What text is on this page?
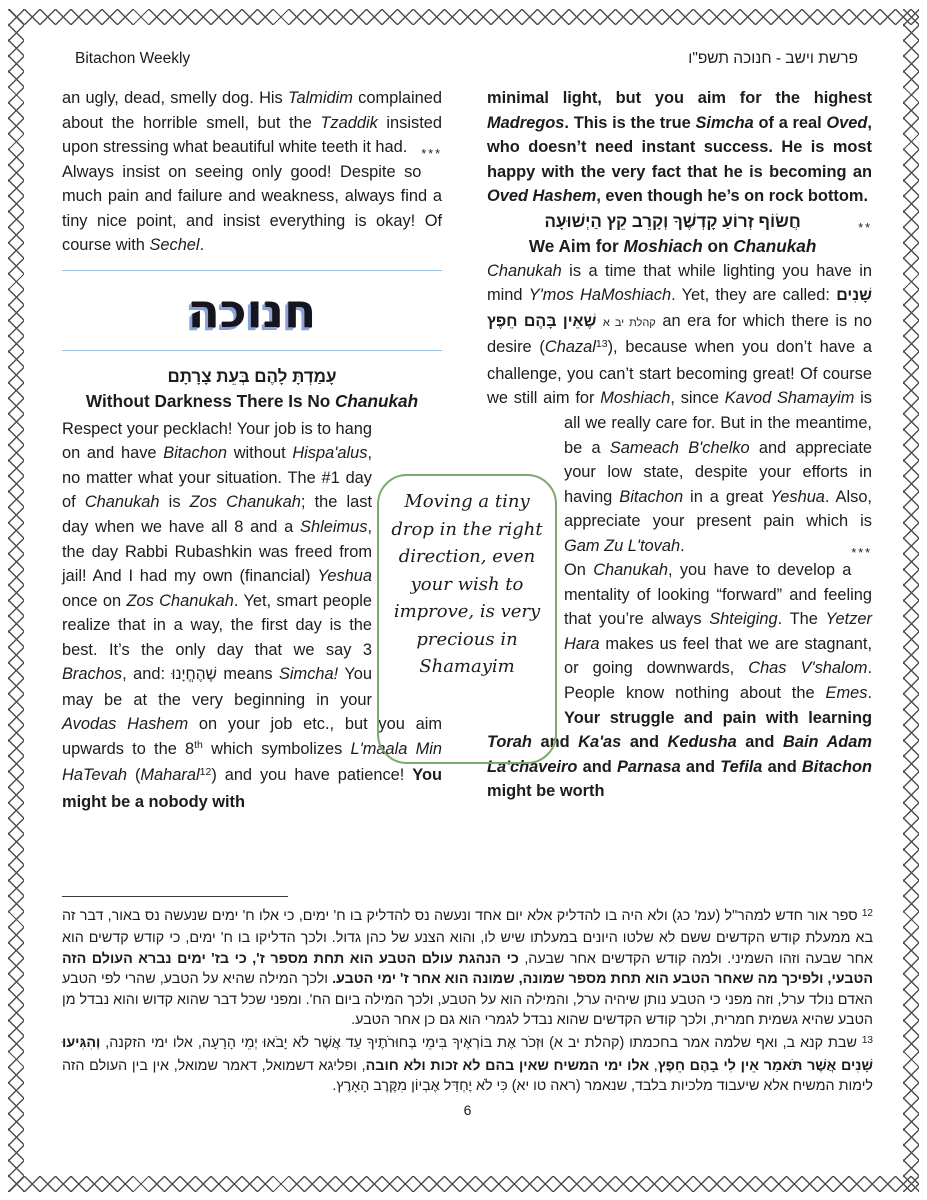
Bitachon Weekly	פרשת וישב - חנוכה תשפ"ו

an ugly, dead, smelly dog. His Talmidim complained about the horrible smell, but the Tzaddik insisted upon stressing what beautiful white teeth it had. ***

Always insist on seeing only good! Despite so much pain and failure and weakness, always find a tiny nice point, and insist everything is okay! Of course with Sechel.

חנוכה
עָמַדְתָּ לָהֶם בְּעֵת צָרָתָם
Without Darkness There Is No Chanukah

Respect your pecklach! Your job is to hang
on and have Bitachon without Hispa'alus, no matter what your situation. The #1 day of Chanukah is Zos Chanukah; the last day when we have all 8 and a Shleimus, the day Rabbi Rubashkin was freed from jail! And I had my own (financial) Yeshua once on Zos Chanukah. Yet, smart people realize that in a way, the first day is the best. It’s the only day that we say 3 Brachos, and: שֶׁהֶחֱיָנוּ means Simcha! You may be at the very beginning in your Avodas Hashem on your job etc., but you aim upwards to the 8th which symbolizes L'maala Min HaTevah (Maharal$^{12}$) and you have patience! You might be a nobody with

minimal light, but you aim for the highest Madregos. This is the true Simcha of a real Oved, who doesn’t need instant success. He is most happy with the very fact that he is becoming an Oved Hashem, even though he’s on rock bottom.
**

חֲשׂוֹף זְרוֹעַ קָדְשֶׁךָ וְקָרֵב קֵץ הַיְשׁוּעָה
We Aim for Moshiach on Chanukah

Chanukah is a time that while lighting you have in mind Y'mos HaMoshiach. Yet, they are called: שָׁנִים שֶׁאֵין בָּהֶם חֵפֶץ קהלת יב א an era for which there is no desire (Chazal$^{13}$), because when you don’t have a challenge, you can’t start becoming great! Of course we still aim for Moshiach, since Kavod Shamayim is all we really care for. But in the
meantime, be a Sameach B'chelko and appreciate your low state, despite your efforts in having Bitachon in a great Yeshua. Also, appreciate your present pain which is Gam Zu L'tovah.	***

On Chanukah, you have to develop a mentality of looking “forward” and feeling that you’re always Shteiging. The Yetzer Hara makes us feel that we are stagnant, or going downwards, Chas V'shalom. People know nothing about the Emes. Your struggle and pain with learning Torah and Ka'as and Kedusha and Bain Adam La'chaveiro and Parnasa and Tefila and Bitachon might be worth

Moving a tiny drop in the right direction, even your wish to improve, is very precious in Shamayim

$^{12}$ ספר אור חדש למהר"ל (עמ' כג) ולא היה בו להדליק אלא יום אחד ונעשה נס להדליק בו ח' ימים, כי אלו ח' ימים שנעשה נס באור, דבר זה בא ממעלת קודש הקדשים ששם לא שלטו היונים במעלתו שיש לו, והוא הצנע של כהן גדול. ולכך הדליקו בו ח' ימים, כי קודש קדשים הוא אחר שבעה וזהו השמיני. ולמה קודש הקדשים אחר שבעה, כי הנהגת עולם הטבע הוא תחת מספר ז', כי בז' ימים נברא העולם הזה הטבעי, ולפיכך מה שאחר הטבע הוא תחת מספר שמונה, שמונה הוא אחר ז' ימי הטבע. ולכך המילה שהיא על הטבע, שהרי לפי הטבע האדם נולד ערל, וזה מפני כי הטבע נותן שיהיה ערל, והמילה הוא על הטבע, ולכך המילה ביום הח'. ומפני שכל דבר שהוא קדוש והוא נבדל מן הטבע שהיא גשמית חמרית, ולכך קודש הקדשים שהוא נבדל לגמרי הוא גם כן אחר הטבע.

$^{13}$ שבת קנא ב, ואף שלמה אמר בחכמתו (קהלת יב א) וּזְכֹר אֶת בּוֹרְאֶיךָ בִּימֵי בְּחוּרֹתֶיךָ עַד אֲשֶׁר לֹא יָבֹאוּ יְמֵי הָרָעָה, אלו ימי הזקנה, וְהִגִּיעוּ שָׁנִים אֲשֶׁר תֹּאמַר אֵין לִי בָהֶם חֵפֶץ, אלו ימי המשיח שאין בהם לא זכות ולא חובה, ופליגא דשמואל, דאמר שמואל, אין בין העולם הזה לימות המשיח אלא שיעבוד מלכיות בלבד, שנאמר (ראה טו יא) כִּי לֹא יֶחְדַּל אֶבְיוֹן מִקֶּרֶב הָאָרֶץ.

6
